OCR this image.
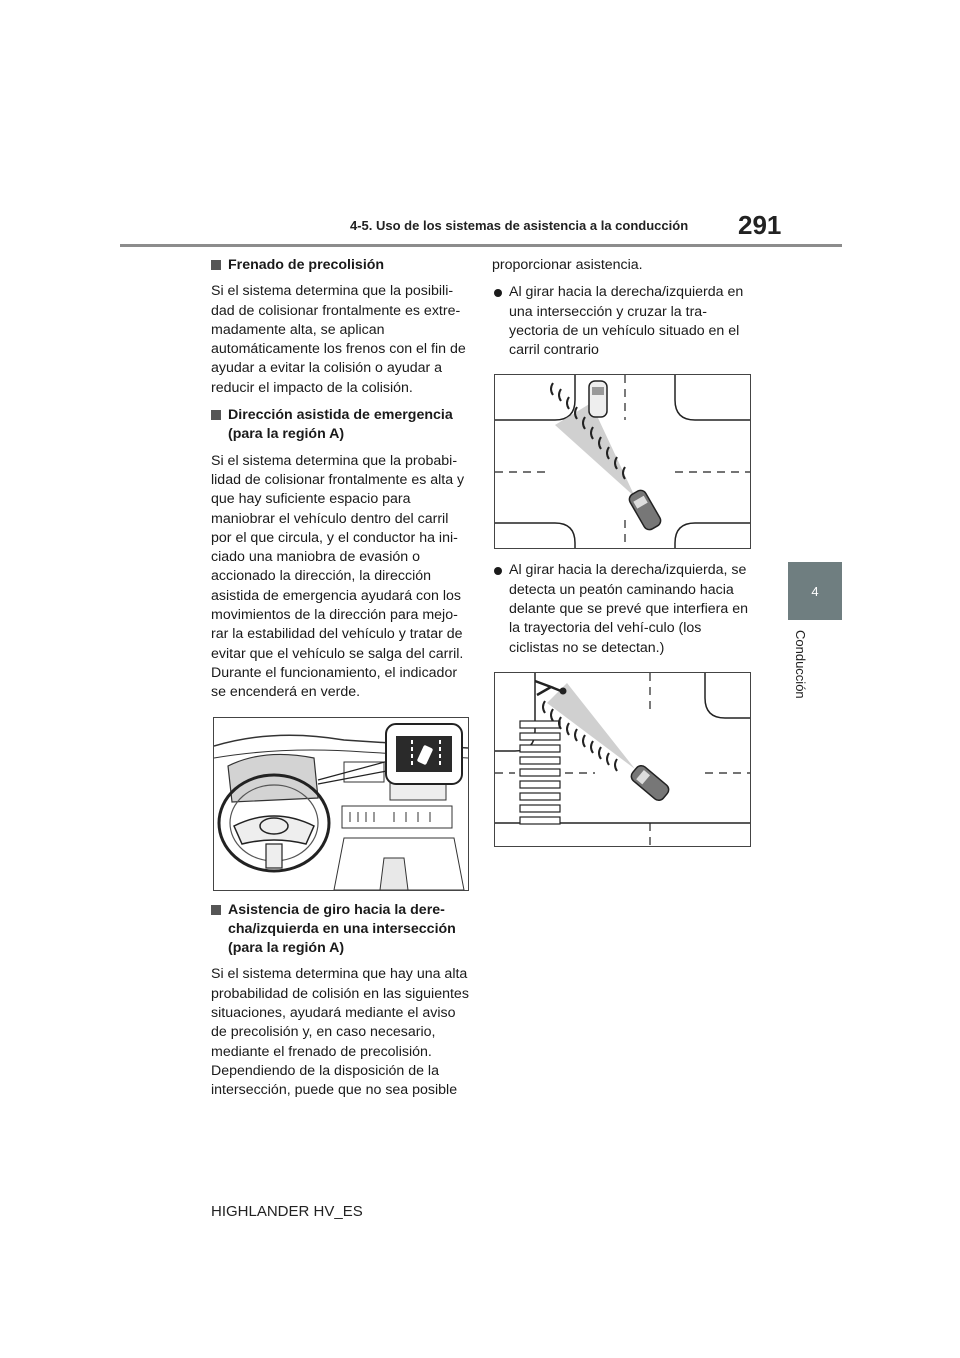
4-5. Uso de los sistemas de asistencia a la conducción 291
4
Conducción
Frenado de precolisión

Si el sistema determina que la posibili-dad de colisionar frontalmente es extre-madamente alta, se aplican automáticamente los frenos con el fin de ayudar a evitar la colisión o ayudar a reducir el impacto de la colisión.

Dirección asistida de emergencia (para la región A)

Si el sistema determina que la probabi-lidad de colisionar frontalmente es alta y que hay suficiente espacio para maniobrar el vehículo dentro del carril por el que circula, y el conductor ha ini-ciado una maniobra de evasión o accionado la dirección, la dirección asistida de emergencia ayudará con los movimientos de la dirección para mejo-rar la estabilidad del vehículo y tratar de evitar que el vehículo se salga del carril. Durante el funcionamiento, el indicador se encenderá en verde.

Asistencia de giro hacia la dere-cha/izquierda en una intersección (para la región A)

Si el sistema determina que hay una alta probabilidad de colisión en las siguientes situaciones, ayudará mediante el aviso de precolisión y, en caso necesario, mediante el frenado de precolisión.

Dependiendo de la disposición de la intersección, puede que no sea posible

proporcionar asistencia.

Al girar hacia la derecha/izquierda en una intersección y cruzar la tra-yectoria de un vehículo situado en el carril contrario
Al girar hacia la derecha/izquierda, se detecta un peatón caminando hacia delante que se prevé que interfiera en la trayectoria del vehí-culo (los ciclistas no se detectan.)
HIGHLANDER HV_ES
